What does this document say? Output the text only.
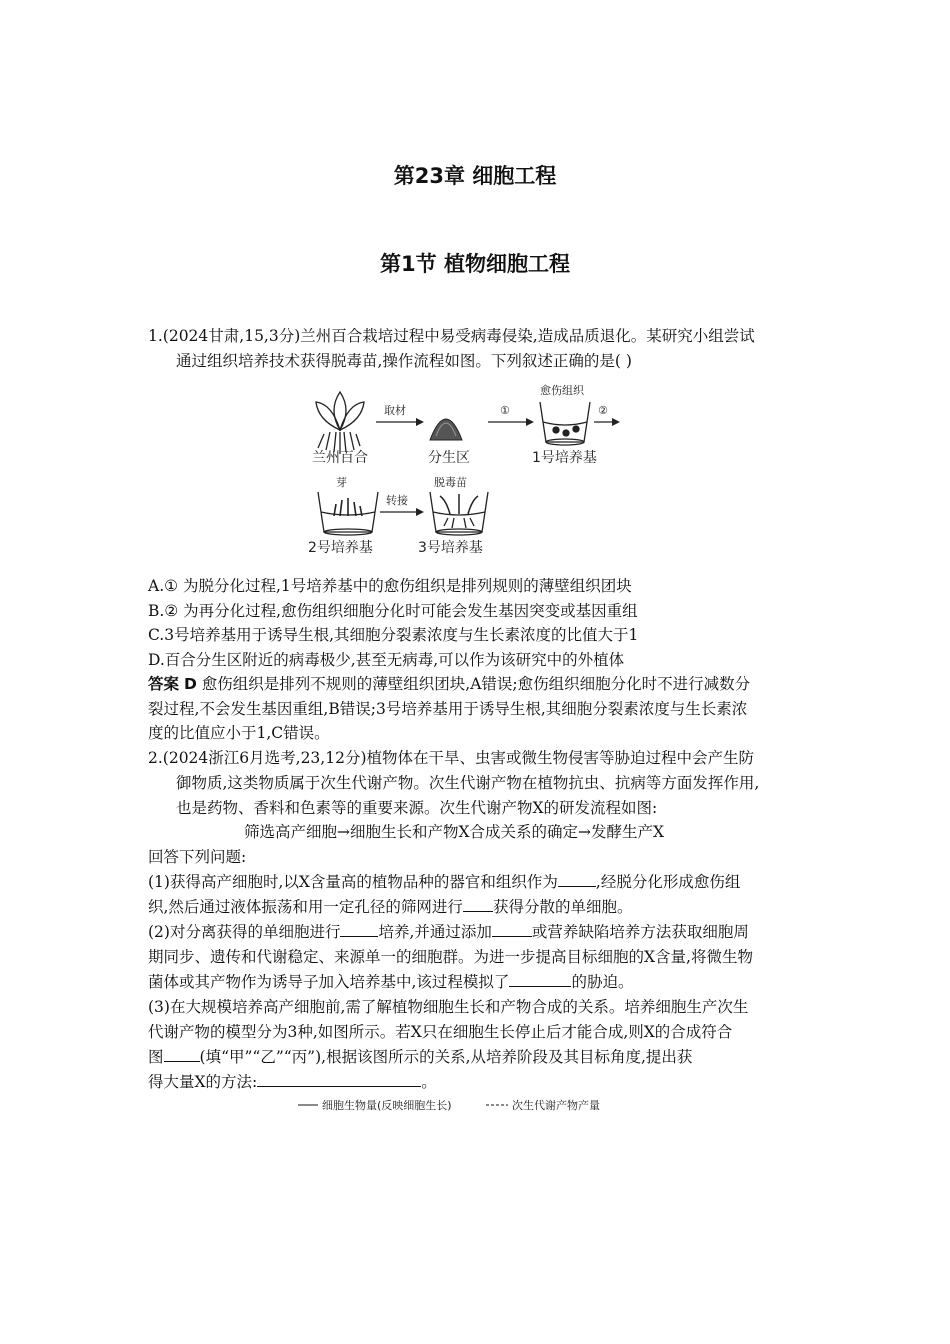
第23章 细胞工程
第1节 植物细胞工程
1.(2024甘肃,15,3分)兰州百合栽培过程中易受病毒侵染,造成品质退化。某研究小组尝试
通过组织培养技术获得脱毒苗,操作流程如图。下列叙述正确的是( )
兰州百合
取材
分生区
①
愈伤组织
1号培养基
②
芽
2号培养基
转接
脱毒苗
3号培养基
A.① 为脱分化过程,1号培养基中的愈伤组织是排列规则的薄壁组织团块
B.② 为再分化过程,愈伤组织细胞分化时可能会发生基因突变或基因重组
C.3号培养基用于诱导生根,其细胞分裂素浓度与生长素浓度的比值大于1
D.百合分生区附近的病毒极少,甚至无病毒,可以作为该研究中的外植体
答案 D 愈伤组织是排列不规则的薄壁组织团块,A错误;愈伤组织细胞分化时不进行减数分
裂过程,不会发生基因重组,B错误;3号培养基用于诱导生根,其细胞分裂素浓度与生长素浓
度的比值应小于1,C错误。
2.(2024浙江6月选考,23,12分)植物体在干旱、虫害或微生物侵害等胁迫过程中会产生防
御物质,这类物质属于次生代谢产物。次生代谢产物在植物抗虫、抗病等方面发挥作用,
也是药物、香料和色素等的重要来源。次生代谢产物X的研发流程如图:
筛选高产细胞→细胞生长和产物X合成关系的确定→发酵生产X
回答下列问题:
(1)获得高产细胞时,以X含量高的植物品种的器官和组织作为 ,经脱分化形成愈伤组
织,然后通过液体振荡和用一定孔径的筛网进行 获得分散的单细胞。
(2)对分离获得的单细胞进行 培养,并通过添加	或营养缺陷培养方法获取细胞周
期同步、遗传和代谢稳定、来源单一的细胞群。为进一步提高目标细胞的X含量,将微生物
菌体或其产物作为诱导子加入培养基中,该过程模拟了	的胁迫。
(3)在大规模培养高产细胞前,需了解植物细胞生长和产物合成的关系。培养细胞生产次生
代谢产物的模型分为3种,如图所示。若X只在细胞生长停止后才能合成,则X的合成符合
图 (填“甲”“乙”“丙”),根据该图所示的关系,从培养阶段及其目标角度,提出获
得大量X的方法:	。
细胞生物量(反映细胞生长)	次生代谢产物产量
